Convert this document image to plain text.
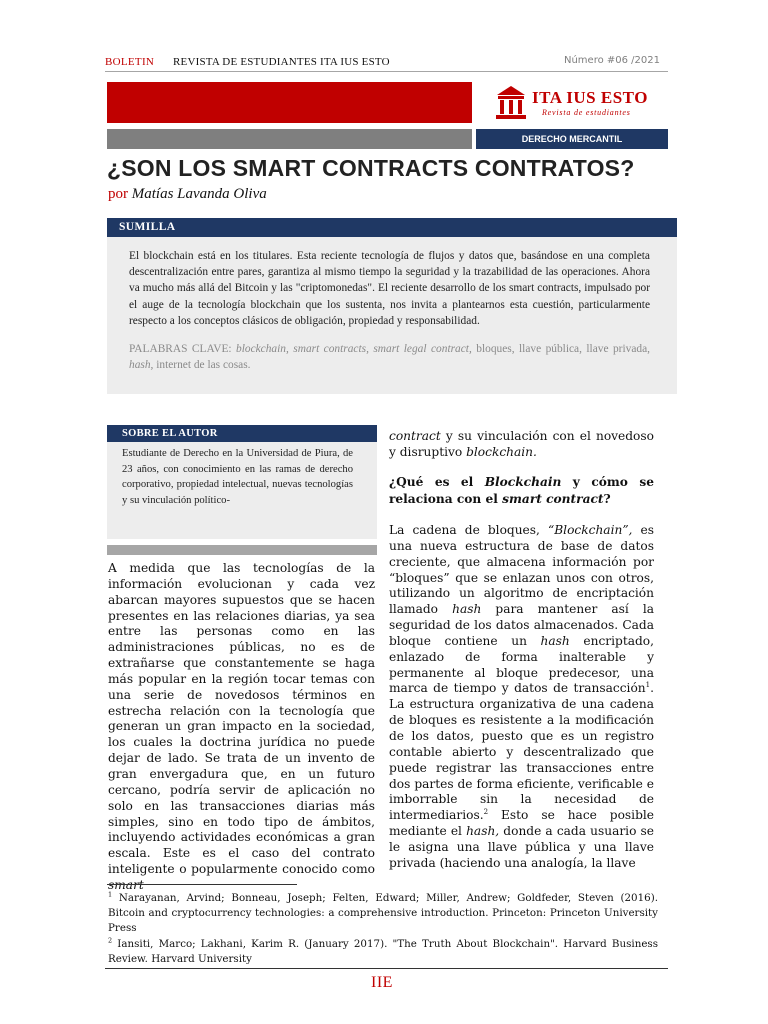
BOLETIN REVISTA DE ESTUDIANTES ITA IUS ESTO	Número #06 /2021
ITA IUS ESTO
Revista de estudiantes
DERECHO MERCANTIL
¿SON LOS SMART CONTRACTS CONTRATOS?
por Matías Lavanda Oliva
SUMILLA

El blockchain está en los titulares. Esta reciente tecnología de flujos y datos que, basándose en una completa descentralización entre pares, garantiza al mismo tiempo la seguridad y la trazabilidad de las operaciones. Ahora va mucho más allá del Bitcoin y las "criptomonedas". El reciente desarrollo de los smart contracts, impulsado por el auge de la tecnología blockchain que los sustenta, nos invita a plantearnos esta cuestión, particularmente respecto a los conceptos clásicos de obligación, propiedad y responsabilidad.

PALABRAS CLAVE: blockchain, smart contracts, smart legal contract, bloques, llave pública, llave privada, hash, internet de las cosas.

SOBRE EL AUTOR

Estudiante de Derecho en la Universidad de Piura, de 23 años, con conocimiento en las ramas de derecho corporativo, propiedad intelectual, nuevas tecnologías y su vinculación político-

A medida que las tecnologías de la información evolucionan y cada vez abarcan mayores supuestos que se hacen presentes en las relaciones diarias, ya sea entre las personas como en las administraciones públicas, no es de extrañarse que constantemente se haga más popular en la región tocar temas con una serie de novedosos términos en estrecha relación con la tecnología que generan un gran impacto en la sociedad, los cuales la doctrina jurídica no puede dejar de lado. Se trata de un invento de gran envergadura que, en un futuro cercano, podría servir de aplicación no solo en las transacciones diarias más simples, sino en todo tipo de ámbitos, incluyendo actividades económicas a gran escala. Este es el caso del contrato inteligente o popularmente conocido como

contract y su vinculación con el novedoso y disruptivo blockchain.

¿Qué es el Blockchain y cómo se relaciona con el smart contract?

La cadena de bloques, “Blockchain”, es una nueva estructura de base de datos creciente, que almacena información por “bloques” que se enlazan unos con otros, utilizando un algoritmo de encriptación llamado hash para mantener así la seguridad de los datos almacenados. Cada bloque contiene un hash encriptado, enlazado de forma inalterable y permanente al bloque predecesor, una marca de tiempo y datos de transacción$^1$. La estructura organizativa de una cadena de bloques es resistente a la modificación de los datos, puesto que es un registro contable abierto y descentralizado que puede registrar las transacciones entre dos partes de forma eficiente, verificable e imborrable sin la necesidad de intermediarios.$^2$ Esto se hace posible mediante el hash, donde a cada usuario se le asigna una llave pública y una llave privada (haciendo una analogía, la llave

$^1$ Narayanan, Arvind; Bonneau, Joseph; Felten, Edward; Miller, Andrew; Goldfeder, Steven (2016). Bitcoin and cryptocurrency technologies: a comprehensive introduction. Princeton: Princeton University Press

$^2$ Iansiti, Marco; Lakhani, Karim R. (January 2017). "The Truth About Blockchain". Harvard Business Review. Harvard University

IIE
